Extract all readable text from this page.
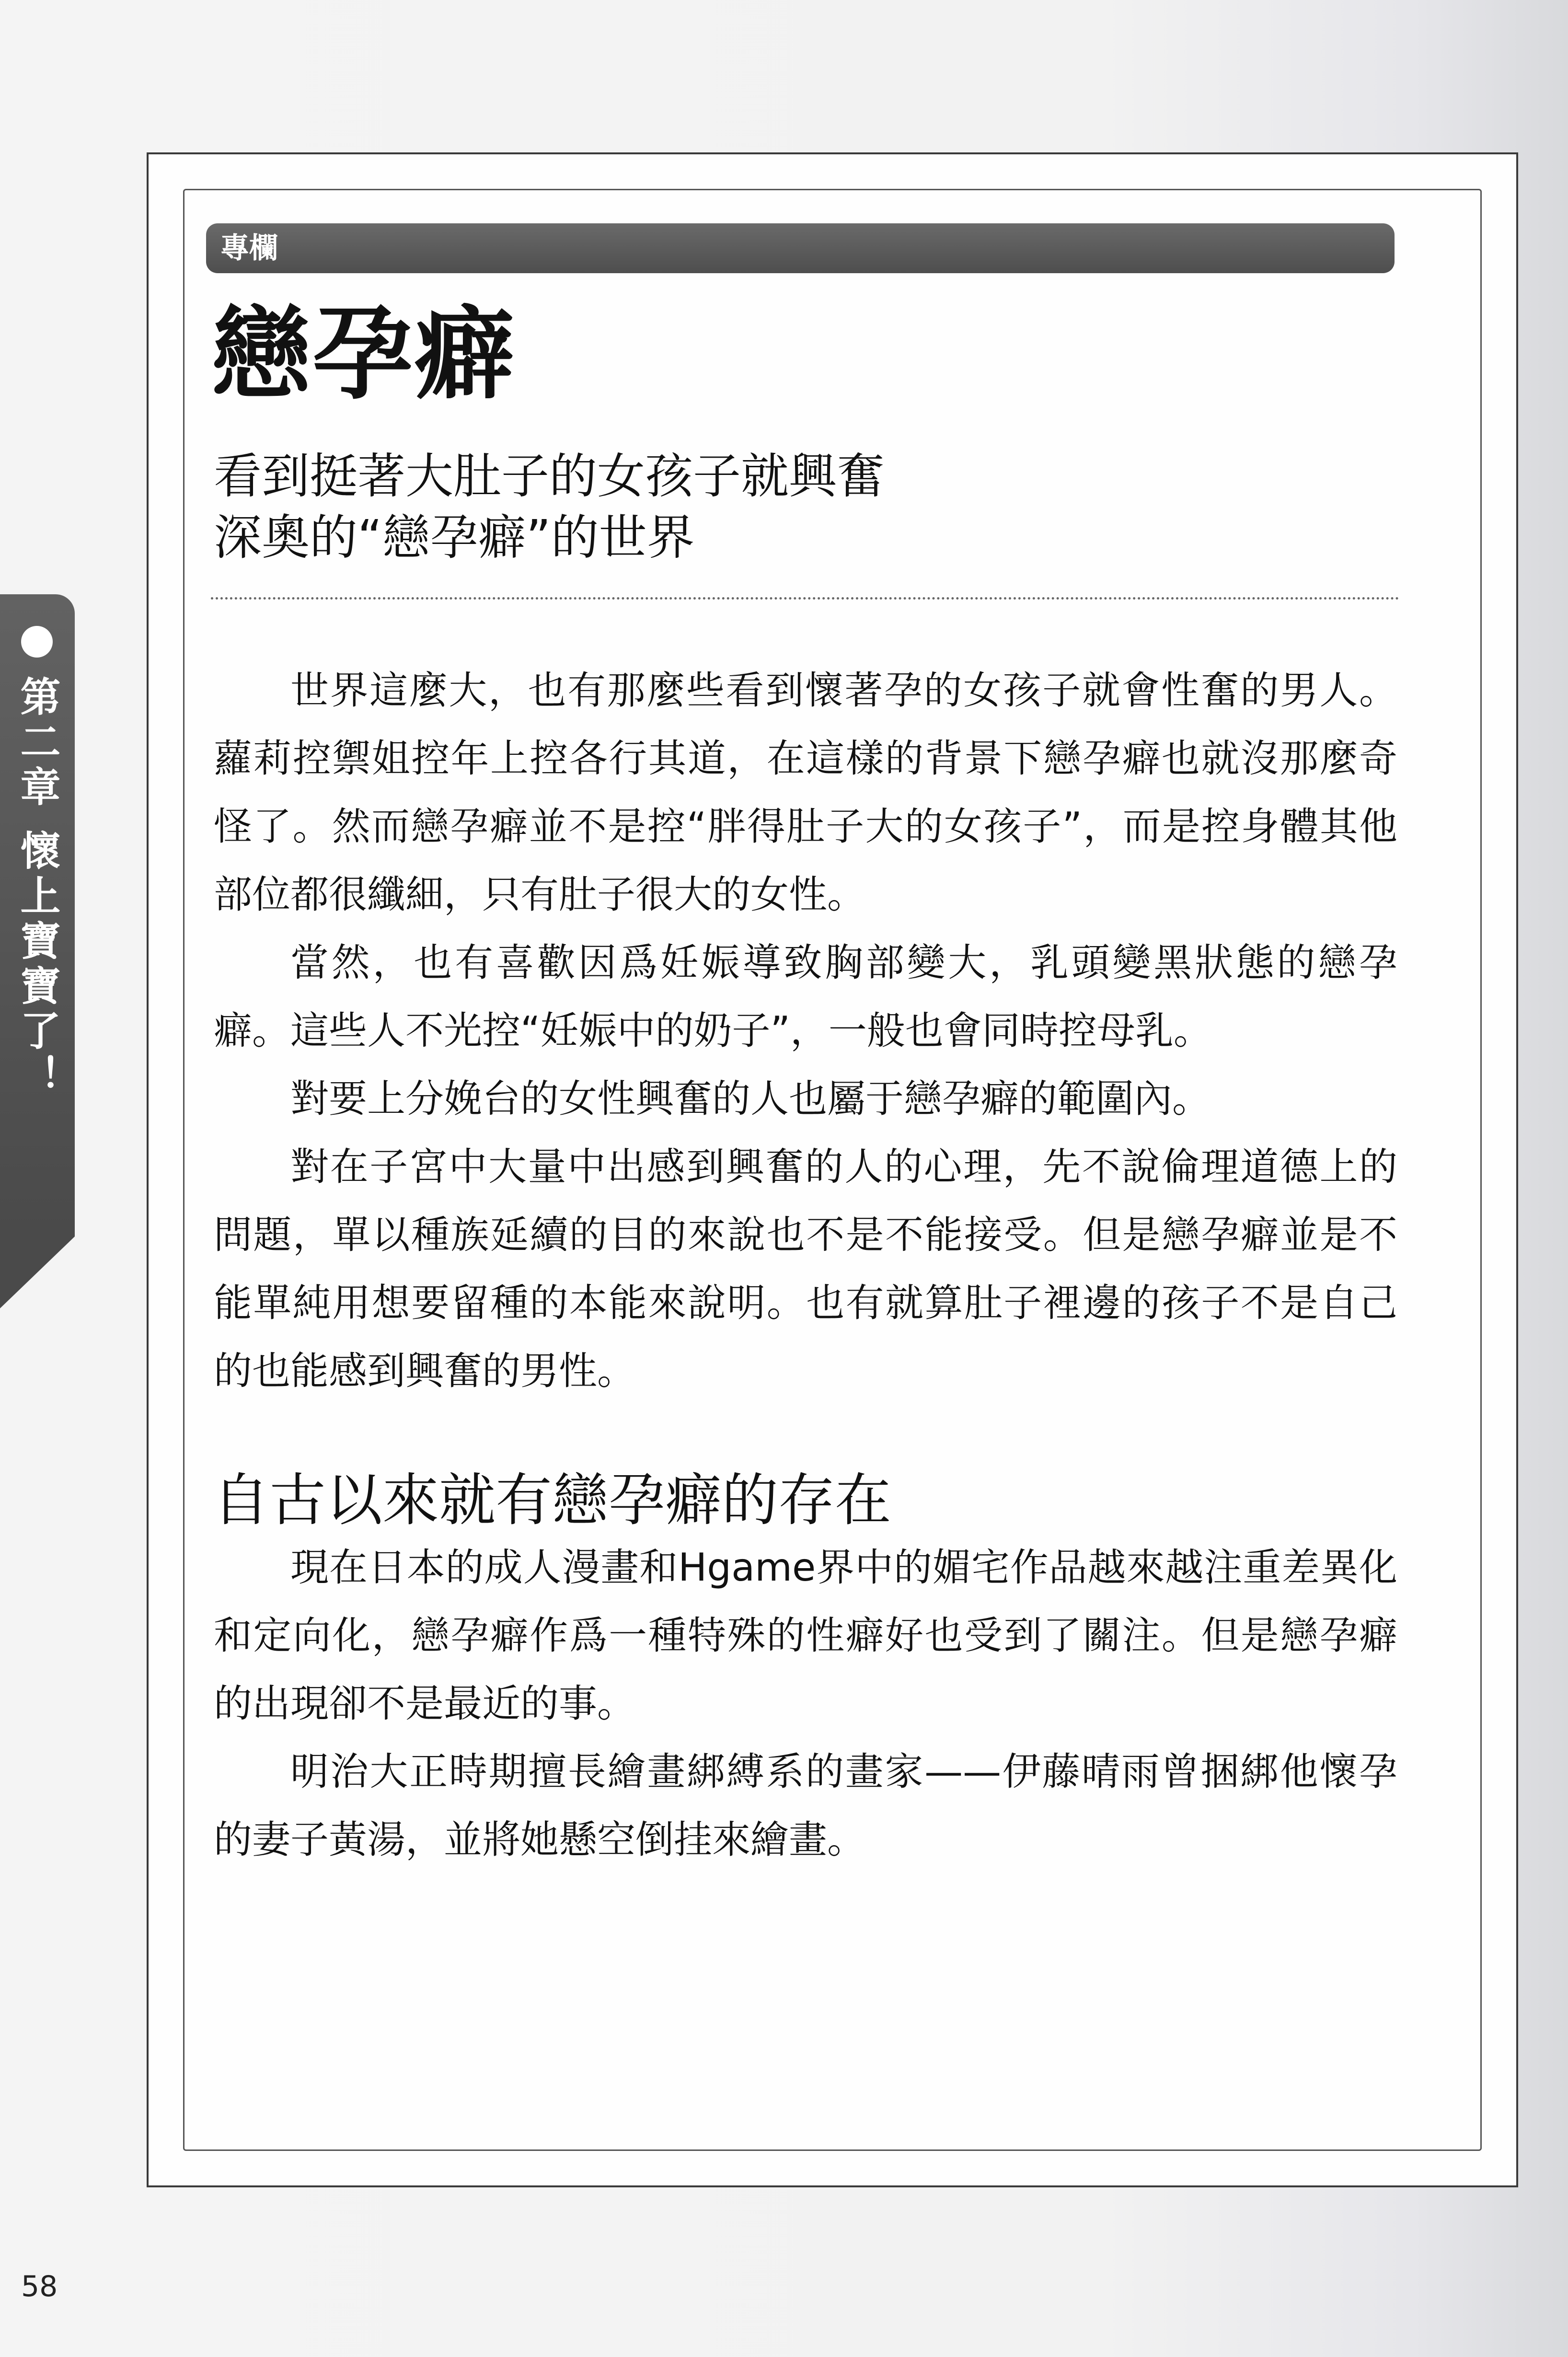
第二章 懷上寶寶了！
專欄
戀孕癖
看到挺著大肚子的女孩子就興奮
深奧的“戀孕癖”的世界

世界這麼大，也有那麼些看到懷著孕的女孩子就會性奮的男人。蘿莉控禦姐控年上控各行其道，在這樣的背景下戀孕癖也就沒那麼奇怪了。然而戀孕癖並不是控“胖得肚子大的女孩子”，而是控身體其他部位都很纖細，只有肚子很大的女性。

當然，也有喜歡因爲妊娠導致胸部變大，乳頭變黑狀態的戀孕癖。這些人不光控“妊娠中的奶子”，一般也會同時控母乳。

對要上分娩台的女性興奮的人也屬于戀孕癖的範圍內。

對在子宮中大量中出感到興奮的人的心理，先不說倫理道德上的問題，單以種族延續的目的來說也不是不能接受。但是戀孕癖並是不能單純用想要留種的本能來說明。也有就算肚子裡邊的孩子不是自己的也能感到興奮的男性。

自古以來就有戀孕癖的存在

現在日本的成人漫畫和Hgame界中的媚宅作品越來越注重差異化和定向化，戀孕癖作爲一種特殊的性癖好也受到了關注。但是戀孕癖的出現卻不是最近的事。

明治大正時期擅長繪畫綁縛系的畫家——伊藤晴雨曾捆綁他懷孕的妻子黃湯，並將她懸空倒挂來繪畫。

58
